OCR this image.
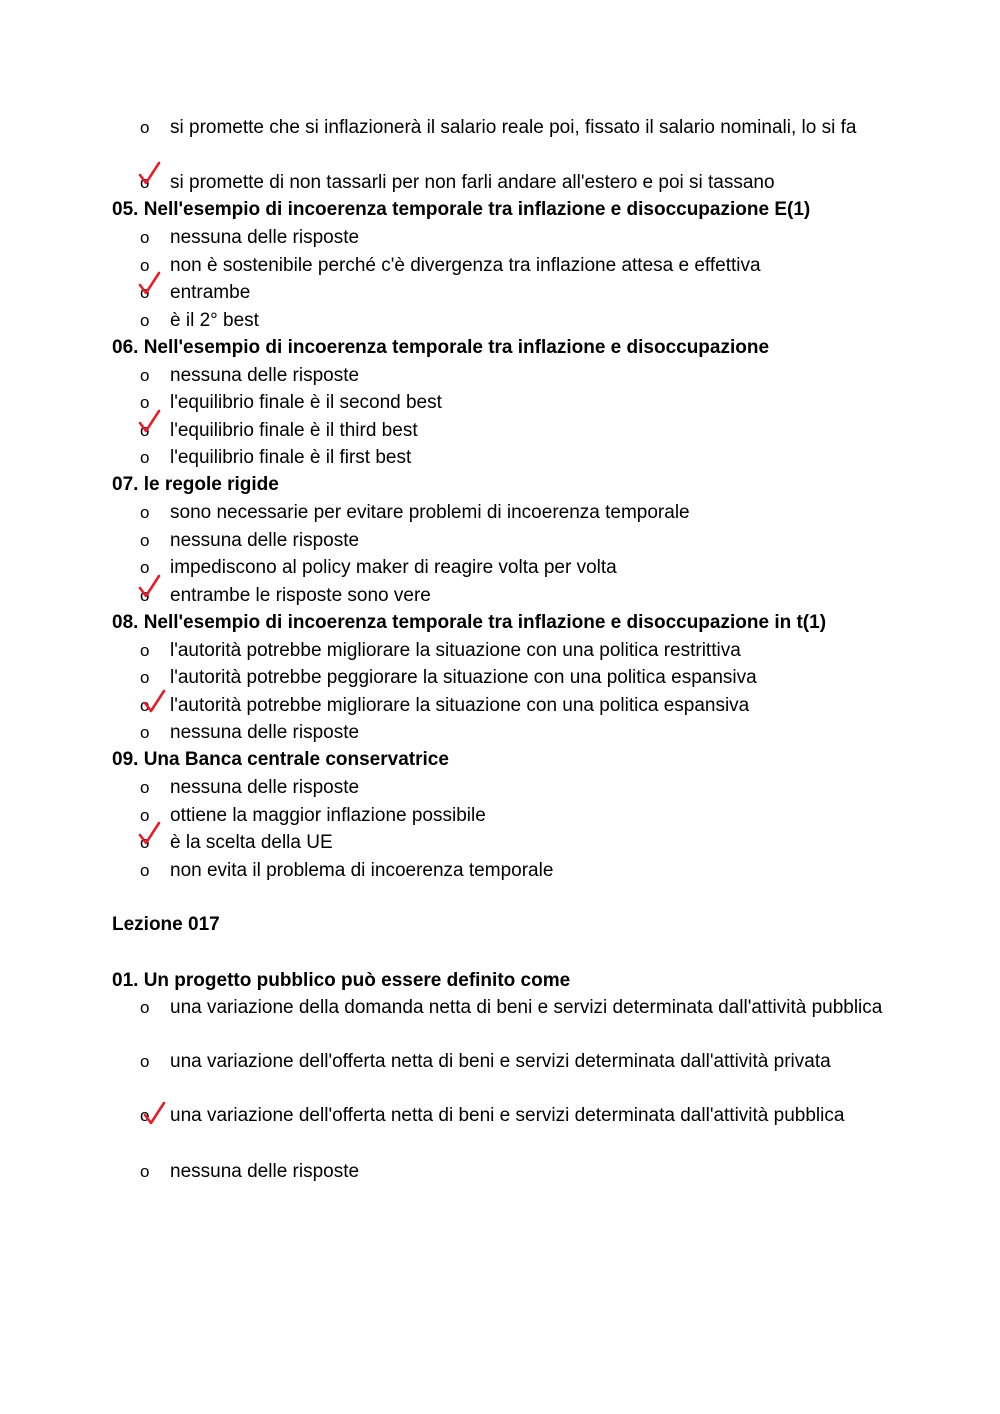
o si promette che si inflazionerà il salario reale poi, fissato il salario nominali, lo si fa
o si promette di non tassarli per non farli andare all'estero e poi si tassano
05. Nell'esempio di incoerenza temporale tra inflazione e disoccupazione E(1)
o nessuna delle risposte
o non è sostenibile perché c'è divergenza tra inflazione attesa e effettiva
o entrambe
o è il 2° best
06. Nell'esempio di incoerenza temporale tra inflazione e disoccupazione
o nessuna delle risposte
o l'equilibrio finale è il second best
o l'equilibrio finale è il third best
o l'equilibrio finale è il first best
07. le regole rigide
o sono necessarie per evitare problemi di incoerenza temporale
o nessuna delle risposte
o impediscono al policy maker di reagire volta per volta
o entrambe le risposte sono vere
08. Nell'esempio di incoerenza temporale tra inflazione e disoccupazione in t(1)
o l'autorità potrebbe migliorare la situazione con una politica restrittiva
o l'autorità potrebbe peggiorare la situazione con una politica espansiva
o l'autorità potrebbe migliorare la situazione con una politica espansiva
o nessuna delle risposte
09. Una Banca centrale conservatrice
o nessuna delle risposte
o ottiene la maggior inflazione possibile
o è la scelta della UE
o non evita il problema di incoerenza temporale
Lezione 017
01. Un progetto pubblico può essere definito come
o una variazione della domanda netta di beni e servizi determinata dall'attività pubblica
o una variazione dell'offerta netta di beni e servizi determinata dall'attività privata
o una variazione dell'offerta netta di beni e servizi determinata dall'attività pubblica
o nessuna delle risposte
